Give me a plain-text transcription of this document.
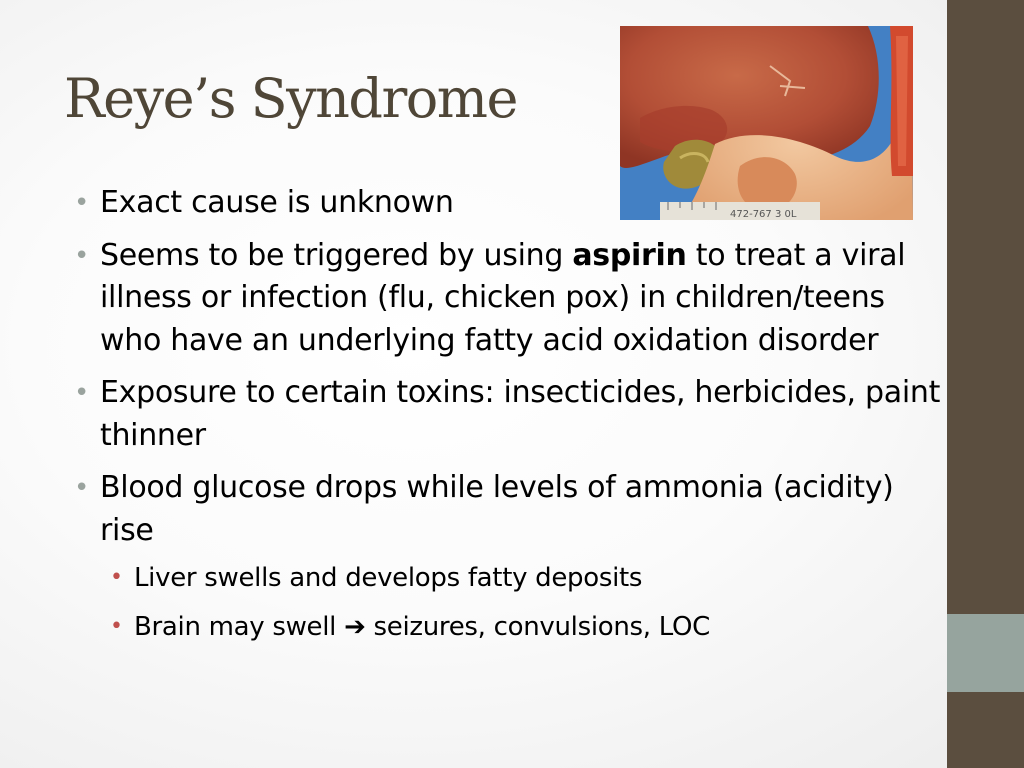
Reye’s Syndrome
472-767 3 0L
• Exact cause is unknown
• Seems to be triggered by using aspirin to treat a viral illness or infection (flu, chicken pox) in children/teens who have an underlying fatty acid oxidation disorder
• Exposure to certain toxins: insecticides, herbicides, paint thinner
• Blood glucose drops while levels of ammonia (acidity) rise
• Liver swells and develops fatty deposits
• Brain may swell ➔ seizures, convulsions, LOC
